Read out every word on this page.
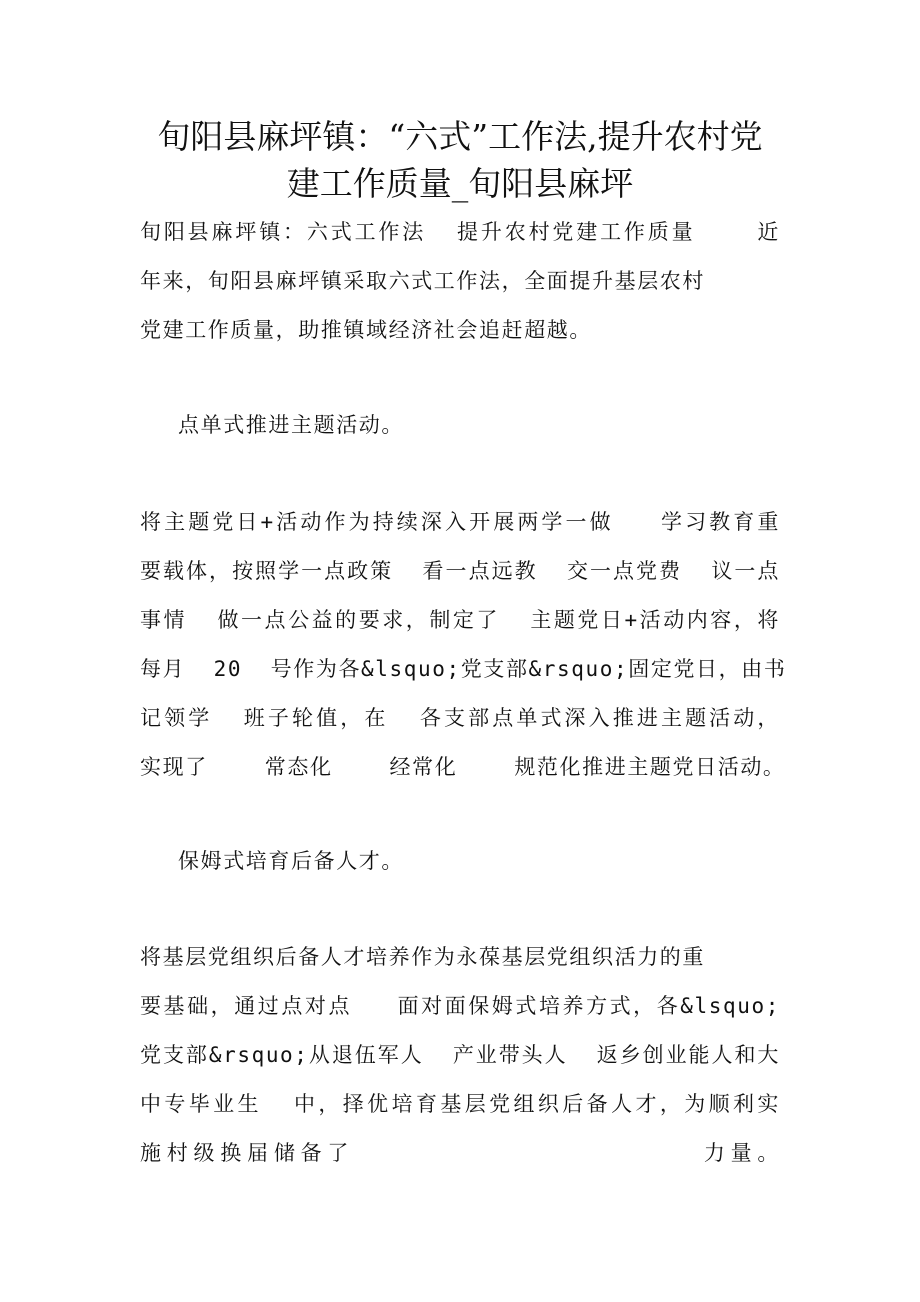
旬阳县麻坪镇：“六式”工作法,提升农村党
建工作质量_旬阳县麻坪
旬阳县麻坪镇：六式工作法  提升农村党建工作质量    近
年来，旬阳县麻坪镇采取六式工作法，全面提升基层农村
党建工作质量，助推镇域经济社会追赶超越。
点单式推进主题活动。
将主题党日+活动作为持续深入开展两学一做   学习教育重
要载体，按照学一点政策  看一点远教  交一点党费  议一点
事情  做一点公益的要求，制定了  主题党日+活动内容，将
每月  20  号作为各&lsquo;党支部&rsquo;固定党日，由书
记领学  班子轮值，在  各支部点单式深入推进主题活动，
实现了    常态化    经常化    规范化推进主题党日活动。
保姆式培育后备人才。
将基层党组织后备人才培养作为永葆基层党组织活力的重
要基础，通过点对点   面对面保姆式培养方式，各&lsquo;
党支部&rsquo;从退伍军人  产业带头人  返乡创业能人和大
中专毕业生  中，择优培育基层党组织后备人才，为顺利实
施村级换届储备了                   力量。
